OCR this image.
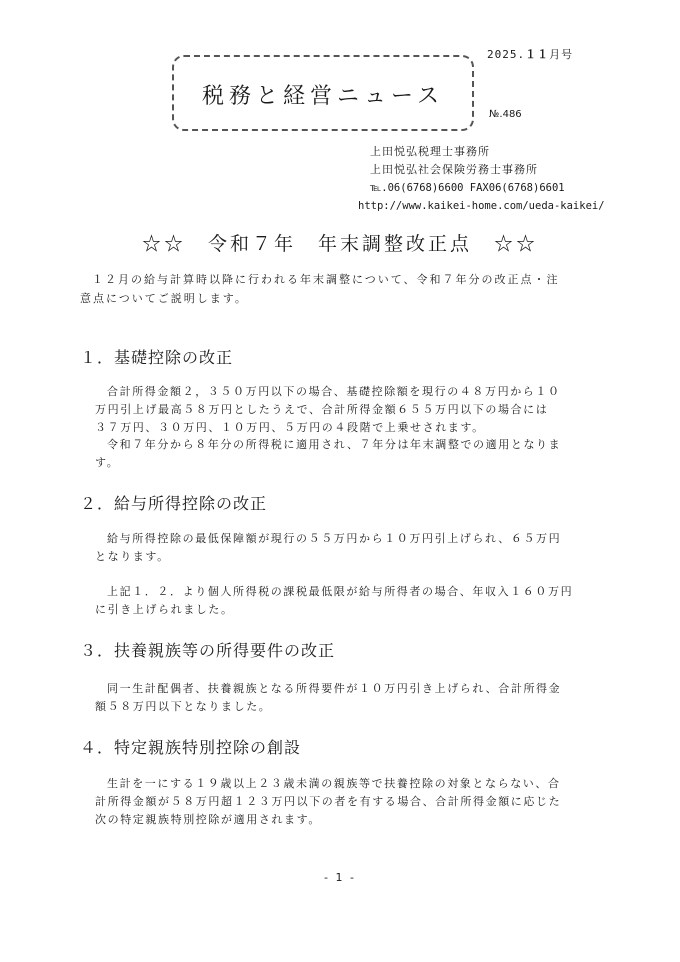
2025.１１月号
税務と経営ニュース
№.486
上田悦弘税理士事務所
上田悦弘社会保険労務士事務所
℡.06(6768)6600 FAX06(6768)6601
http://www.kaikei-home.com/ueda-kaikei/
☆☆　令和７年　年末調整改正点　☆☆
１２月の給与計算時以降に行われる年末調整について、令和７年分の改正点・注
意点についてご説明します。
１．基礎控除の改正
合計所得金額２，３５０万円以下の場合、基礎控除額を現行の４８万円から１０
万円引上げ最高５８万円としたうえで、合計所得金額６５５万円以下の場合には
３７万円、３０万円、１０万円、５万円の４段階で上乗せされます。
令和７年分から８年分の所得税に適用され、７年分は年末調整での適用となりま
す。
２．給与所得控除の改正
給与所得控除の最低保障額が現行の５５万円から１０万円引上げられ、６５万円
となります。
上記１．２．より個人所得税の課税最低限が給与所得者の場合、年収入１６０万円
に引き上げられました。
３．扶養親族等の所得要件の改正
同一生計配偶者、扶養親族となる所得要件が１０万円引き上げられ、合計所得金
額５８万円以下となりました。
４．特定親族特別控除の創設
生計を一にする１９歳以上２３歳未満の親族等で扶養控除の対象とならない、合
計所得金額が５８万円超１２３万円以下の者を有する場合、合計所得金額に応じた
次の特定親族特別控除が適用されます。
- 1 -
